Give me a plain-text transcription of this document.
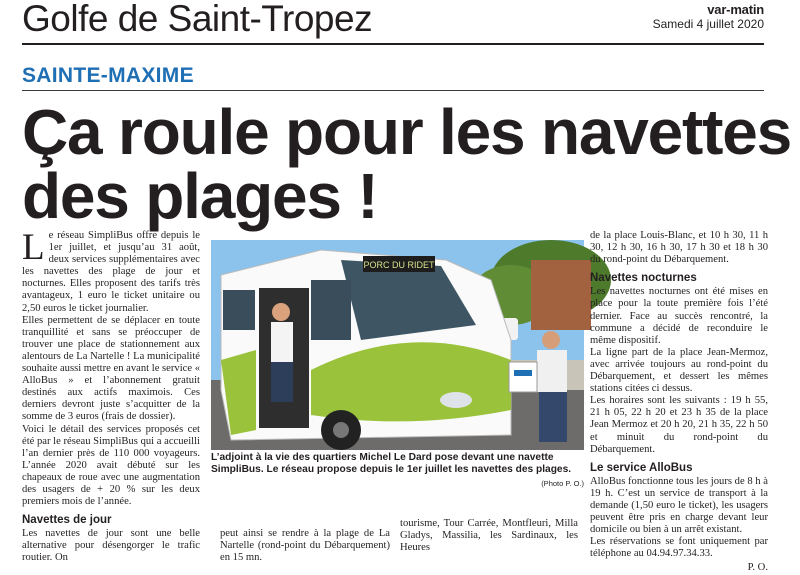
Golfe de Saint-Tropez	var-matin
Samedi 4 juillet 2020
SAINTE-MAXIME
Ça roule pour les navettes
des plages !

Le réseau SimpliBus offre depuis le 1er juillet, et jusqu’au 31 août, deux services supplémentaires avec les navettes des plage de jour et nocturnes. Elles proposent des tarifs très avantageux, 1 euro le ticket unitaire ou 2,50 euros le ticket journalier.

Elles permettent de se déplacer en toute tranquillité et sans se préoccuper de trouver une place de stationnement aux alentours de La Nartelle ! La municipalité souhaite aussi mettre en avant le service « AlloBus » et l’abonnement gratuit destinés aux actifs maximois. Ces derniers devront juste s’acquitter de la somme de 3 euros (frais de dossier).

Voici le détail des services proposés cet été par le réseau SimpliBus qui a accueilli l’an dernier près de 110 000 voyageurs. L’année 2020 avait débuté sur les chapeaux de roue avec une augmentation des usagers de + 20 % sur les deux premiers mois de l’année.

Navettes de jour

Les navettes de jour sont une belle alternative pour désengorger le trafic routier. On

PORC DU RIDET
L’adjoint à la vie des quartiers Michel Le Dard pose devant une navette SimpliBus. Le réseau propose depuis le 1er juillet les navettes des plages.
(Photo P. O.)

peut ainsi se rendre à la plage de La Nartelle (rond-point du Débarquement) en 15 mn.

tourisme, Tour Carrée, Montfleuri, Milla Gladys, Massilia, les Sardinaux, les Heures

de la place Louis-Blanc, et 10 h 30, 11 h 30, 12 h 30, 16 h 30, 17 h 30 et 18 h 30 du rond-point du Débarquement.

Navettes nocturnes

Les navettes nocturnes ont été mises en place pour la toute première fois l’été dernier. Face au succès rencontré, la commune a décidé de reconduire le même dispositif.

La ligne part de la place Jean-Mermoz, avec arrivée toujours au rond-point du Débarquement, et dessert les mêmes stations citées ci dessus.

Les horaires sont les suivants : 19 h 55, 21 h 05, 22 h 20 et 23 h 35 de la place Jean Mermoz et 20 h 20, 21 h 35, 22 h 50 et minuit du rond-point du Débarquement.

Le service AlloBus

AlloBus fonctionne tous les jours de 8 h à 19 h. C’est un service de transport à la demande (1,50 euro le ticket), les usagers peuvent être pris en charge devant leur domicile ou bien à un arrêt existant.

Les réservations se font uniquement par téléphone au 04.94.97.34.33.

P. O.
